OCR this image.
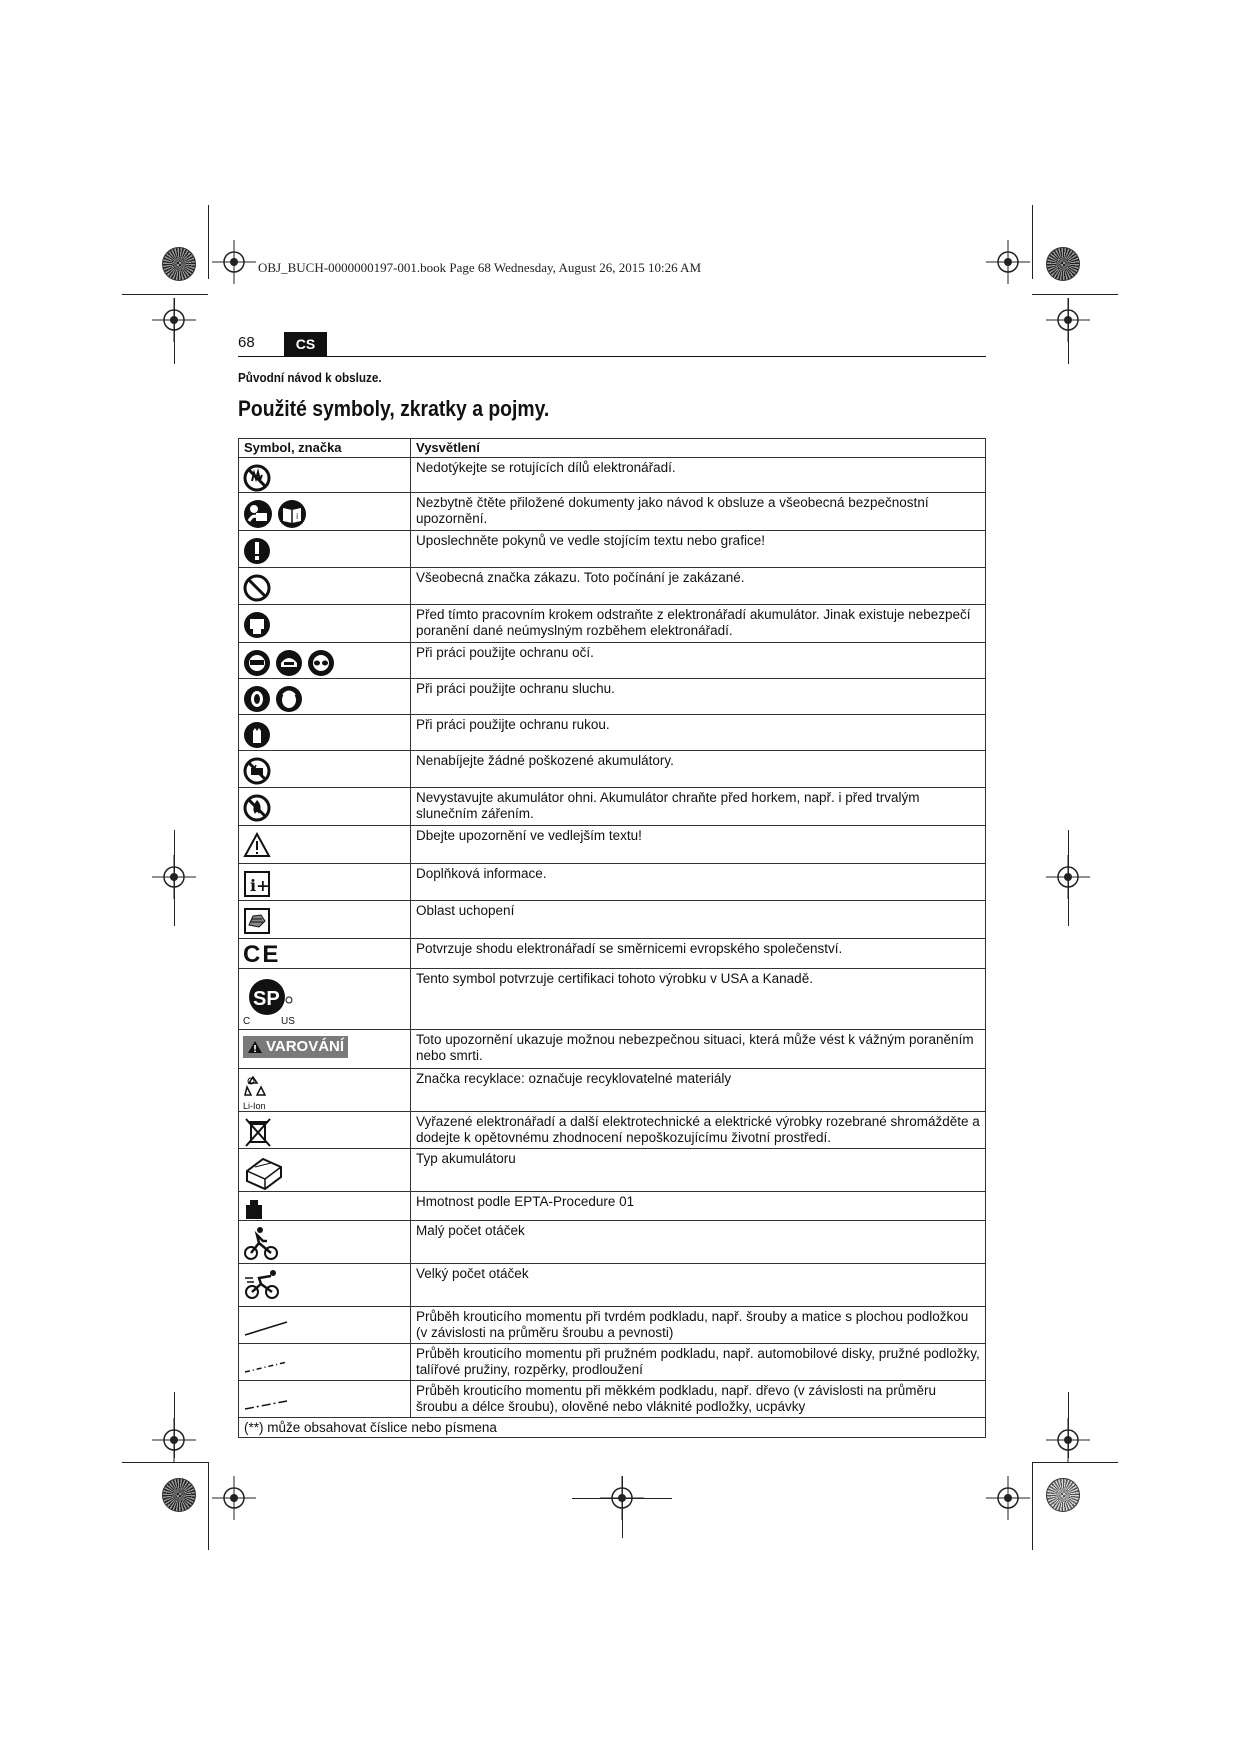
OBJ_BUCH-0000000197-001.book Page 68 Wednesday, August 26, 2015 10:26 AM
68	CS
Původní návod k obsluze.
Použité symboly, zkratky a pojmy.
Symbol, značka	Vysvětlení

	Nedotýkejte se rotujících dílů elektronářadí.

i	Nezbytně čtěte přiložené dokumenty jako návod k obsluze a všeobecná bezpečnostní upozornění.

	Uposlechněte pokynů ve vedle stojícím textu nebo grafice!

	Všeobecná značka zákazu. Toto počínání je zakázané.

	Před tímto pracovním krokem odstraňte z elektronářadí akumulátor. Jinak existuje nebezpečí poranění dané neúmyslným rozběhem elektronářadí.

	Při práci použijte ochranu očí.

	Při práci použijte ochranu sluchu.

	Při práci použijte ochranu rukou.

	Nenabíjejte žádné poškozené akumulátory.

	Nevystavujte akumulátor ohni. Akumulátor chraňte před horkem, např. i před trvalým slunečním zářením.

	Dbejte upozornění ve vedlejším textu!

i+	Doplňková informace.

	Oblast uchopení

CE	Potvrzuje shodu elektronářadí se směrnicemi evropského společenství.

SP
C US	Tento symbol potvrzuje certifikaci tohoto výrobku v USA a Kanadě.

VAROVÁNÍ	Toto upozornění ukazuje možnou nebezpečnou situaci, která může vést k vážným poraněním nebo smrti.

Li-Ion	Značka recyklace: označuje recyklovatelné materiály

	Vyřazené elektronářadí a další elektrotechnické a elektrické výrobky rozebrané shromážděte a dodejte k opětovnému zhodnocení nepoškozujícímu životní prostředí.

	Typ akumulátoru

	Hmotnost podle EPTA-Procedure 01

	Malý počet otáček

	Velký počet otáček

	Průběh krouticího momentu při tvrdém podkladu, např. šrouby a matice s plochou podložkou (v závislosti na průměru šroubu a pevnosti)

	Průběh krouticího momentu při pružném podkladu, např. automobilové disky, pružné podložky, talířové pružiny, rozpěrky, prodloužení

	Průběh krouticího momentu při měkkém podkladu, např. dřevo (v závislosti na průměru šroubu a délce šroubu), olověné nebo vláknité podložky, ucpávky
(**) může obsahovat číslice nebo písmena	
